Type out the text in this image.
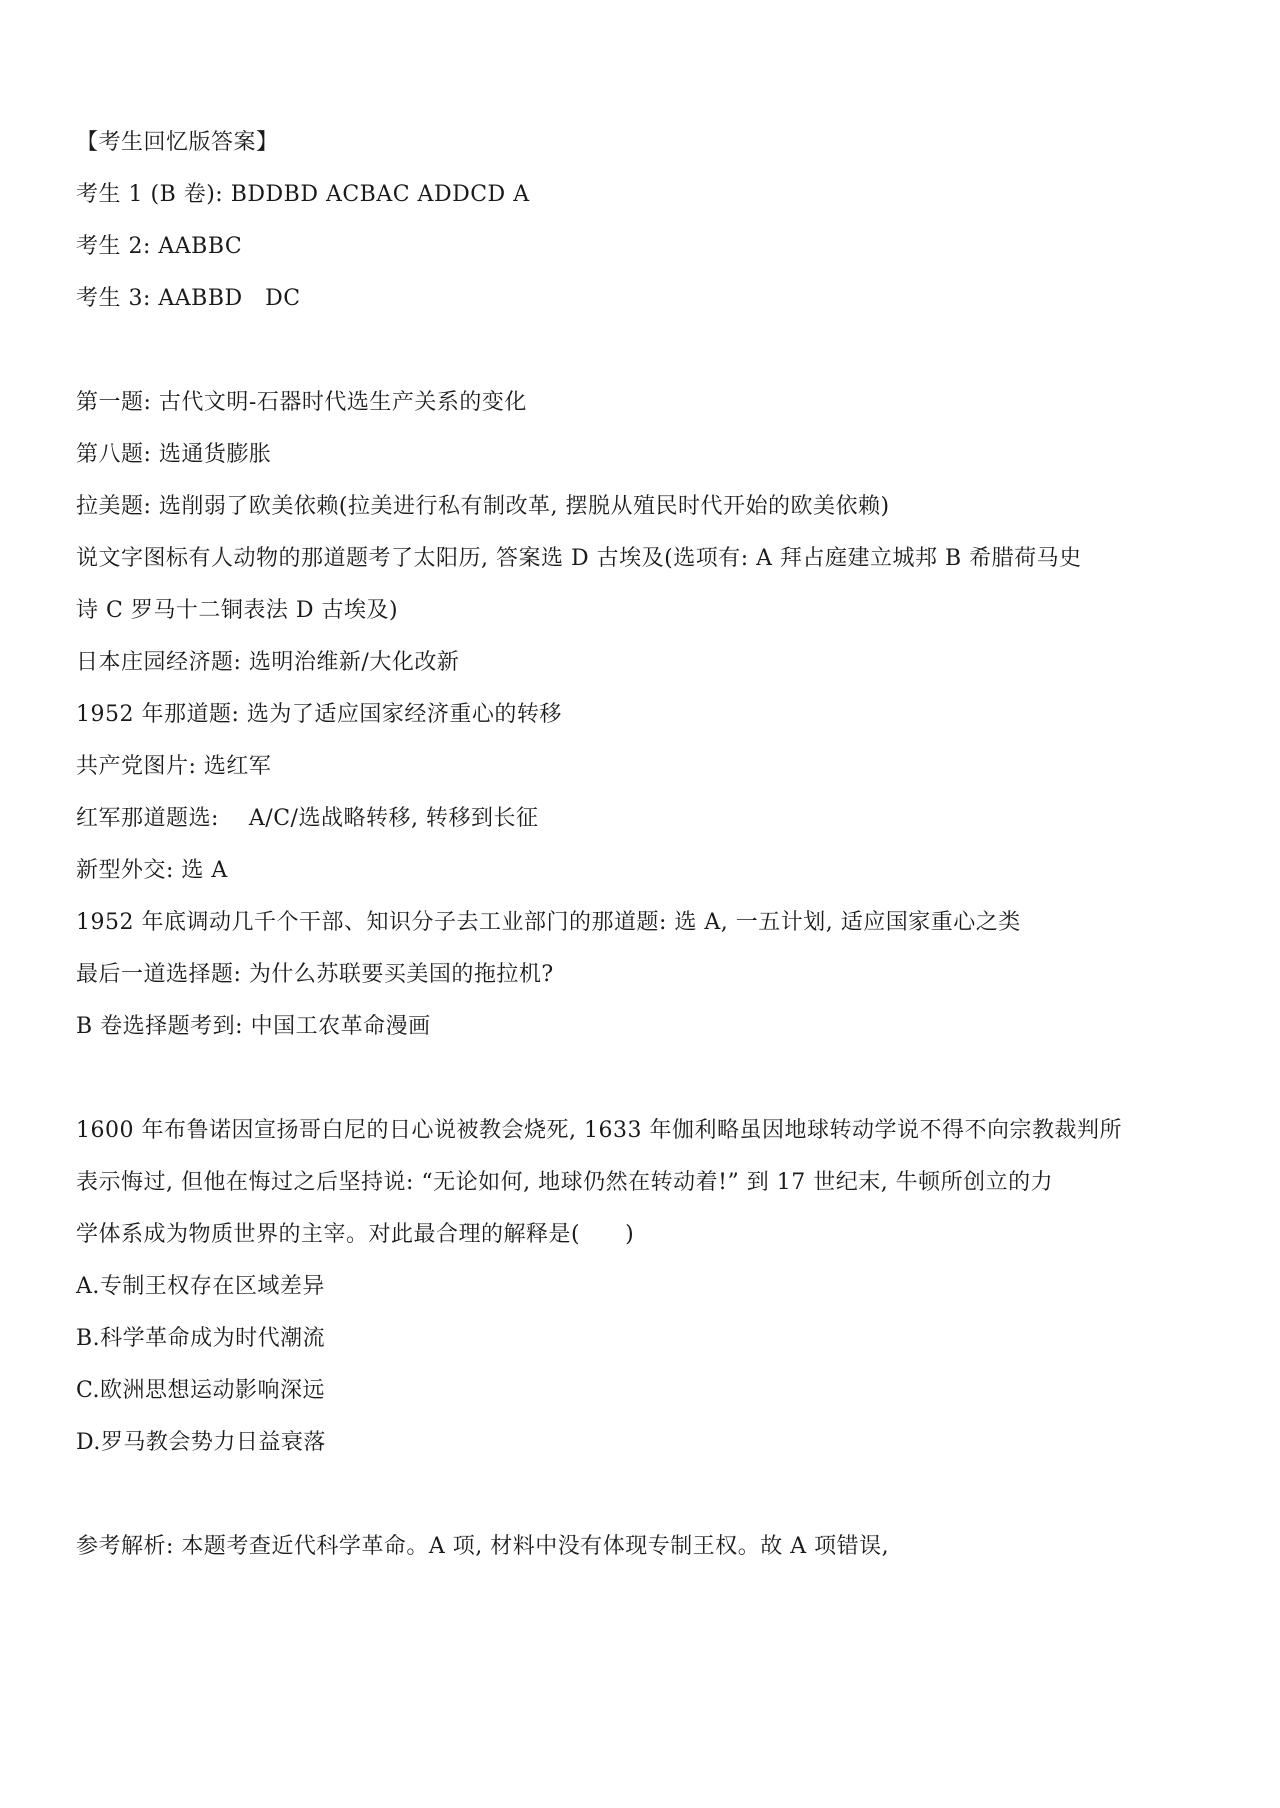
【考生回忆版答案】
考生 1 (B 卷): BDDBD ACBAC ADDCD A
考生 2: AABBC
考生 3: AABBD　DC
第一题: 古代文明-石器时代选生产关系的变化
第八题: 选通货膨胀
拉美题: 选削弱了欧美依赖(拉美进行私有制改革, 摆脱从殖民时代开始的欧美依赖)
说文字图标有人动物的那道题考了太阳历, 答案选 D 古埃及(选项有: A 拜占庭建立城邦 B 希腊荷马史
诗 C 罗马十二铜表法 D 古埃及)
日本庄园经济题: 选明治维新/大化改新
1952 年那道题: 选为了适应国家经济重心的转移
共产党图片: 选红军
红军那道题选:　 A/C/选战略转移, 转移到长征
新型外交: 选 A
1952 年底调动几千个干部、知识分子去工业部门的那道题: 选 A, 一五计划, 适应国家重心之类
最后一道选择题: 为什么苏联要买美国的拖拉机?
B 卷选择题考到: 中国工农革命漫画
1600 年布鲁诺因宣扬哥白尼的日心说被教会烧死, 1633 年伽利略虽因地球转动学说不得不向宗教裁判所
表示悔过, 但他在悔过之后坚持说: “无论如何, 地球仍然在转动着!” 到 17 世纪末, 牛顿所创立的力
学体系成为物质世界的主宰。对此最合理的解释是(　　)
A.专制王权存在区域差异
B.科学革命成为时代潮流
C.欧洲思想运动影响深远
D.罗马教会势力日益衰落
参考解析: 本题考查近代科学革命。A 项, 材料中没有体现专制王权。故 A 项错误,
